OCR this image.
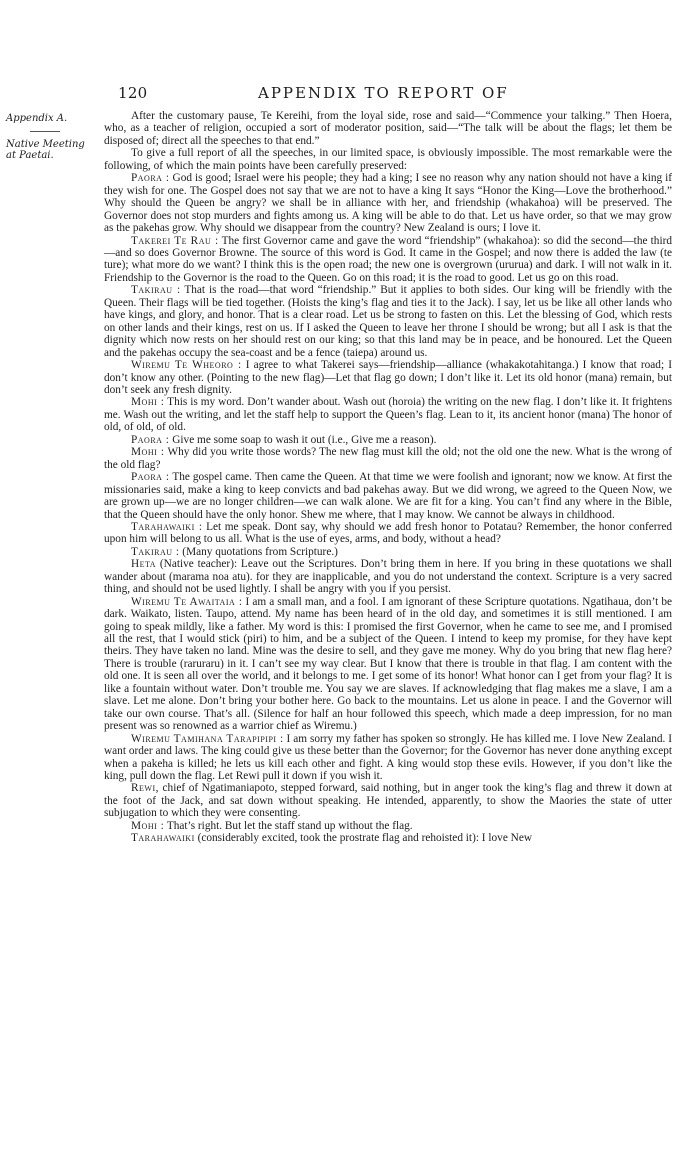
120	APPENDIX TO REPORT OF
Appendix A.
Native Meeting at Paetai.

After the customary pause, Te Kereihi, from the loyal side, rose and said—“Commence your talking.” Then Hoera, who, as a teacher of religion, occupied a sort of moderator position, said—“The talk will be about the flags; let them be disposed of; direct all the speeches to that end.”

To give a full report of all the speeches, in our limited space, is obviously impossible. The most remarkable were the following, of which the main points have been carefully preserved:

Paora : God is good; Israel were his people; they had a king; I see no reason why any nation should not have a king if they wish for one. The Gospel does not say that we are not to have a king It says “Honor the King—Love the brotherhood.” Why should the Queen be angry? we shall be in alliance with her, and friendship (whakahoa) will be preserved. The Governor does not stop murders and fights among us. A king will be able to do that. Let us have order, so that we may grow as the pakehas grow. Why should we disappear from the country? New Zealand is ours; I love it.

Takerei Te Rau : The first Governor came and gave the word “friendship” (whakahoa): so did the second—the third—and so does Governor Browne. The source of this word is God. It came in the Gospel; and now there is added the law (te ture); what more do we want? I think this is the open road; the new one is overgrown (ururua) and dark. I will not walk in it. Friendship to the Governor is the road to the Queen. Go on this road; it is the road to good. Let us go on this road.

Takirau : That is the road—that word “friendship.” But it applies to both sides. Our king will be friendly with the Queen. Their flags will be tied together. (Hoists the king’s flag and ties it to the Jack). I say, let us be like all other lands who have kings, and glory, and honor. That is a clear road. Let us be strong to fasten on this. Let the blessing of God, which rests on other lands and their kings, rest on us. If I asked the Queen to leave her throne I should be wrong; but all I ask is that the dignity which now rests on her should rest on our king; so that this land may be in peace, and be honoured. Let the Queen and the pakehas occupy the sea-coast and be a fence (taiepa) around us.

Wiremu Te Wheoro : I agree to what Takerei says—friendship—alliance (whakakotahitanga.) I know that road; I don’t know any other. (Pointing to the new flag)—Let that flag go down; I don’t like it. Let its old honor (mana) remain, but don’t seek any fresh dignity.

Mohi : This is my word. Don’t wander about. Wash out (horoia) the writing on the new flag. I don’t like it. It frightens me. Wash out the writing, and let the staff help to support the Queen’s flag. Lean to it, its ancient honor (mana) The honor of old, of old, of old.

Paora : Give me some soap to wash it out (i.e., Give me a reason).

Mohi : Why did you write those words? The new flag must kill the old; not the old one the new. What is the wrong of the old flag?

Paora : The gospel came. Then came the Queen. At that time we were foolish and ignorant; now we know. At first the missionaries said, make a king to keep convicts and bad pakehas away. But we did wrong, we agreed to the Queen Now, we are grown up—we are no longer children—we can walk alone. We are fit for a king. You can’t find any where in the Bible, that the Queen should have the only honor. Shew me where, that I may know. We cannot be always in childhood.

Tarahawaiki : Let me speak. Dont say, why should we add fresh honor to Potatau? Remember, the honor conferred upon him will belong to us all. What is the use of eyes, arms, and body, without a head?

Takirau : (Many quotations from Scripture.)

Heta (Native teacher): Leave out the Scriptures. Don’t bring them in here. If you bring in these quotations we shall wander about (marama noa atu). for they are inapplicable, and you do not understand the context. Scripture is a very sacred thing, and should not be used lightly. I shall be angry with you if you persist.

Wiremu Te Awaitaia : I am a small man, and a fool. I am ignorant of these Scripture quotations. Ngatihaua, don’t be dark. Waikato, listen. Taupo, attend. My name has been heard of in the old day, and sometimes it is still mentioned. I am going to speak mildly, like a father. My word is this: I promised the first Governor, when he came to see me, and I promised all the rest, that I would stick (piri) to him, and be a subject of the Queen. I intend to keep my promise, for they have kept theirs. They have taken no land. Mine was the desire to sell, and they gave me money. Why do you bring that new flag here? There is trouble (raruraru) in it. I can’t see my way clear. But I know that there is trouble in that flag. I am content with the old one. It is seen all over the world, and it belongs to me. I get some of its honor! What honor can I get from your flag? It is like a fountain without water. Don’t trouble me. You say we are slaves. If acknowledging that flag makes me a slave, I am a slave. Let me alone. Don’t bring your bother here. Go back to the mountains. Let us alone in peace. I and the Governor will take our own course. That’s all. (Silence for half an hour followed this speech, which made a deep impression, for no man present was so renowned as a warrior chief as Wiremu.)

Wiremu Tamihana Tarapipipi : I am sorry my father has spoken so strongly. He has killed me. I love New Zealand. I want order and laws. The king could give us these better than the Governor; for the Governor has never done anything except when a pakeha is killed; he lets us kill each other and fight. A king would stop these evils. However, if you don’t like the king, pull down the flag. Let Rewi pull it down if you wish it.

Rewi, chief of Ngatimaniapoto, stepped forward, said nothing, but in anger took the king’s flag and threw it down at the foot of the Jack, and sat down without speaking. He intended, apparently, to show the Maories the state of utter subjugation to which they were consenting.

Mohi : That’s right. But let the staff stand up without the flag.

Tarahawaiki (considerably excited, took the prostrate flag and rehoisted it): I love New
